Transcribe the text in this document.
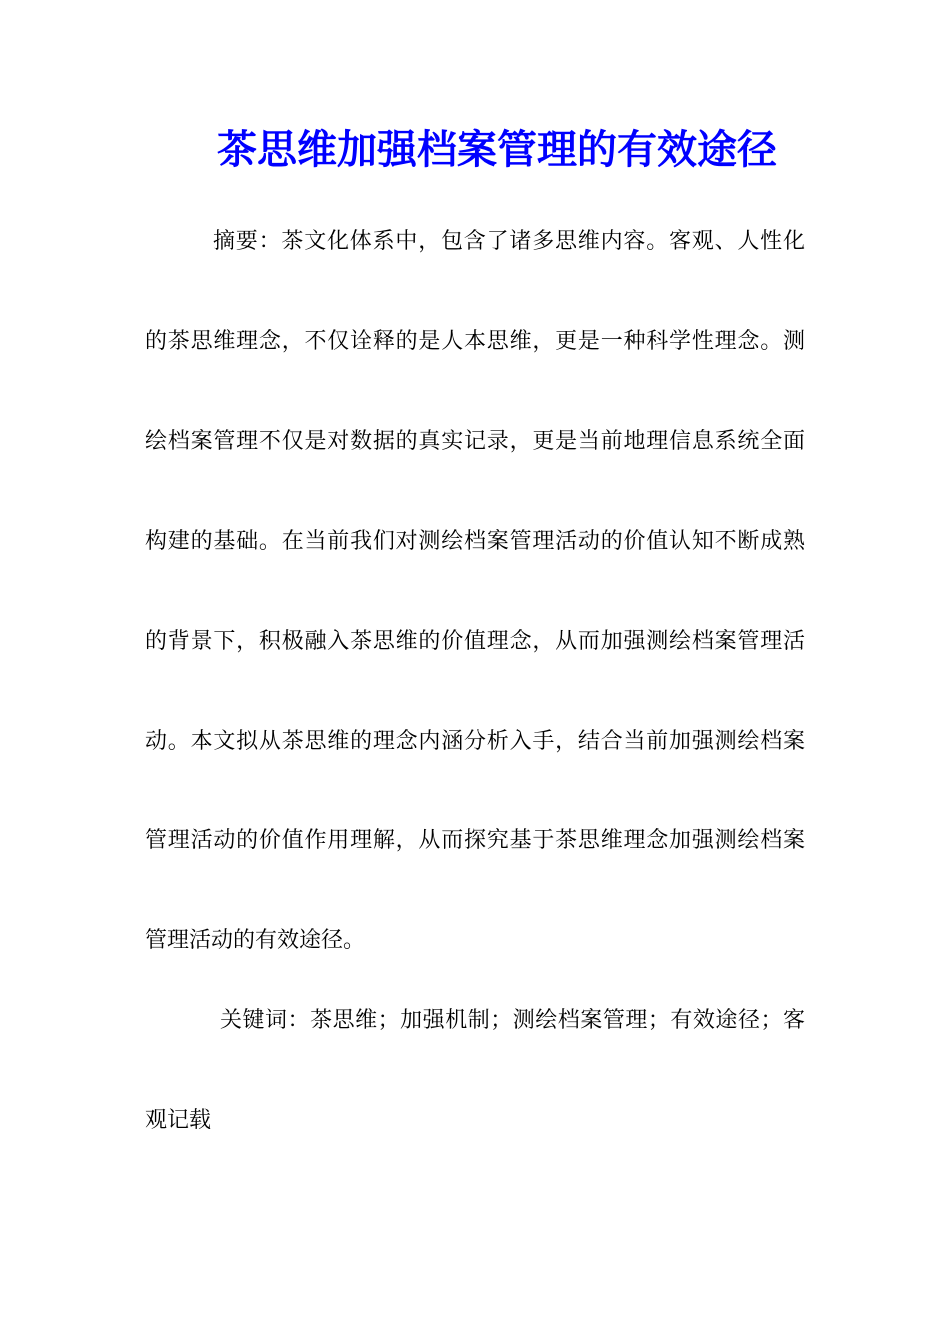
茶思维加强档案管理的有效途径
摘要：茶文化体系中，包含了诸多思维内容。客观、人性化
的茶思维理念，不仅诠释的是人本思维，更是一种科学性理念。测
绘档案管理不仅是对数据的真实记录，更是当前地理信息系统全面
构建的基础。在当前我们对测绘档案管理活动的价值认知不断成熟
的背景下，积极融入茶思维的价值理念，从而加强测绘档案管理活
动。本文拟从茶思维的理念内涵分析入手，结合当前加强测绘档案
管理活动的价值作用理解，从而探究基于茶思维理念加强测绘档案
管理活动的有效途径。
关键词：茶思维；加强机制；测绘档案管理；有效途径；客
观记载
